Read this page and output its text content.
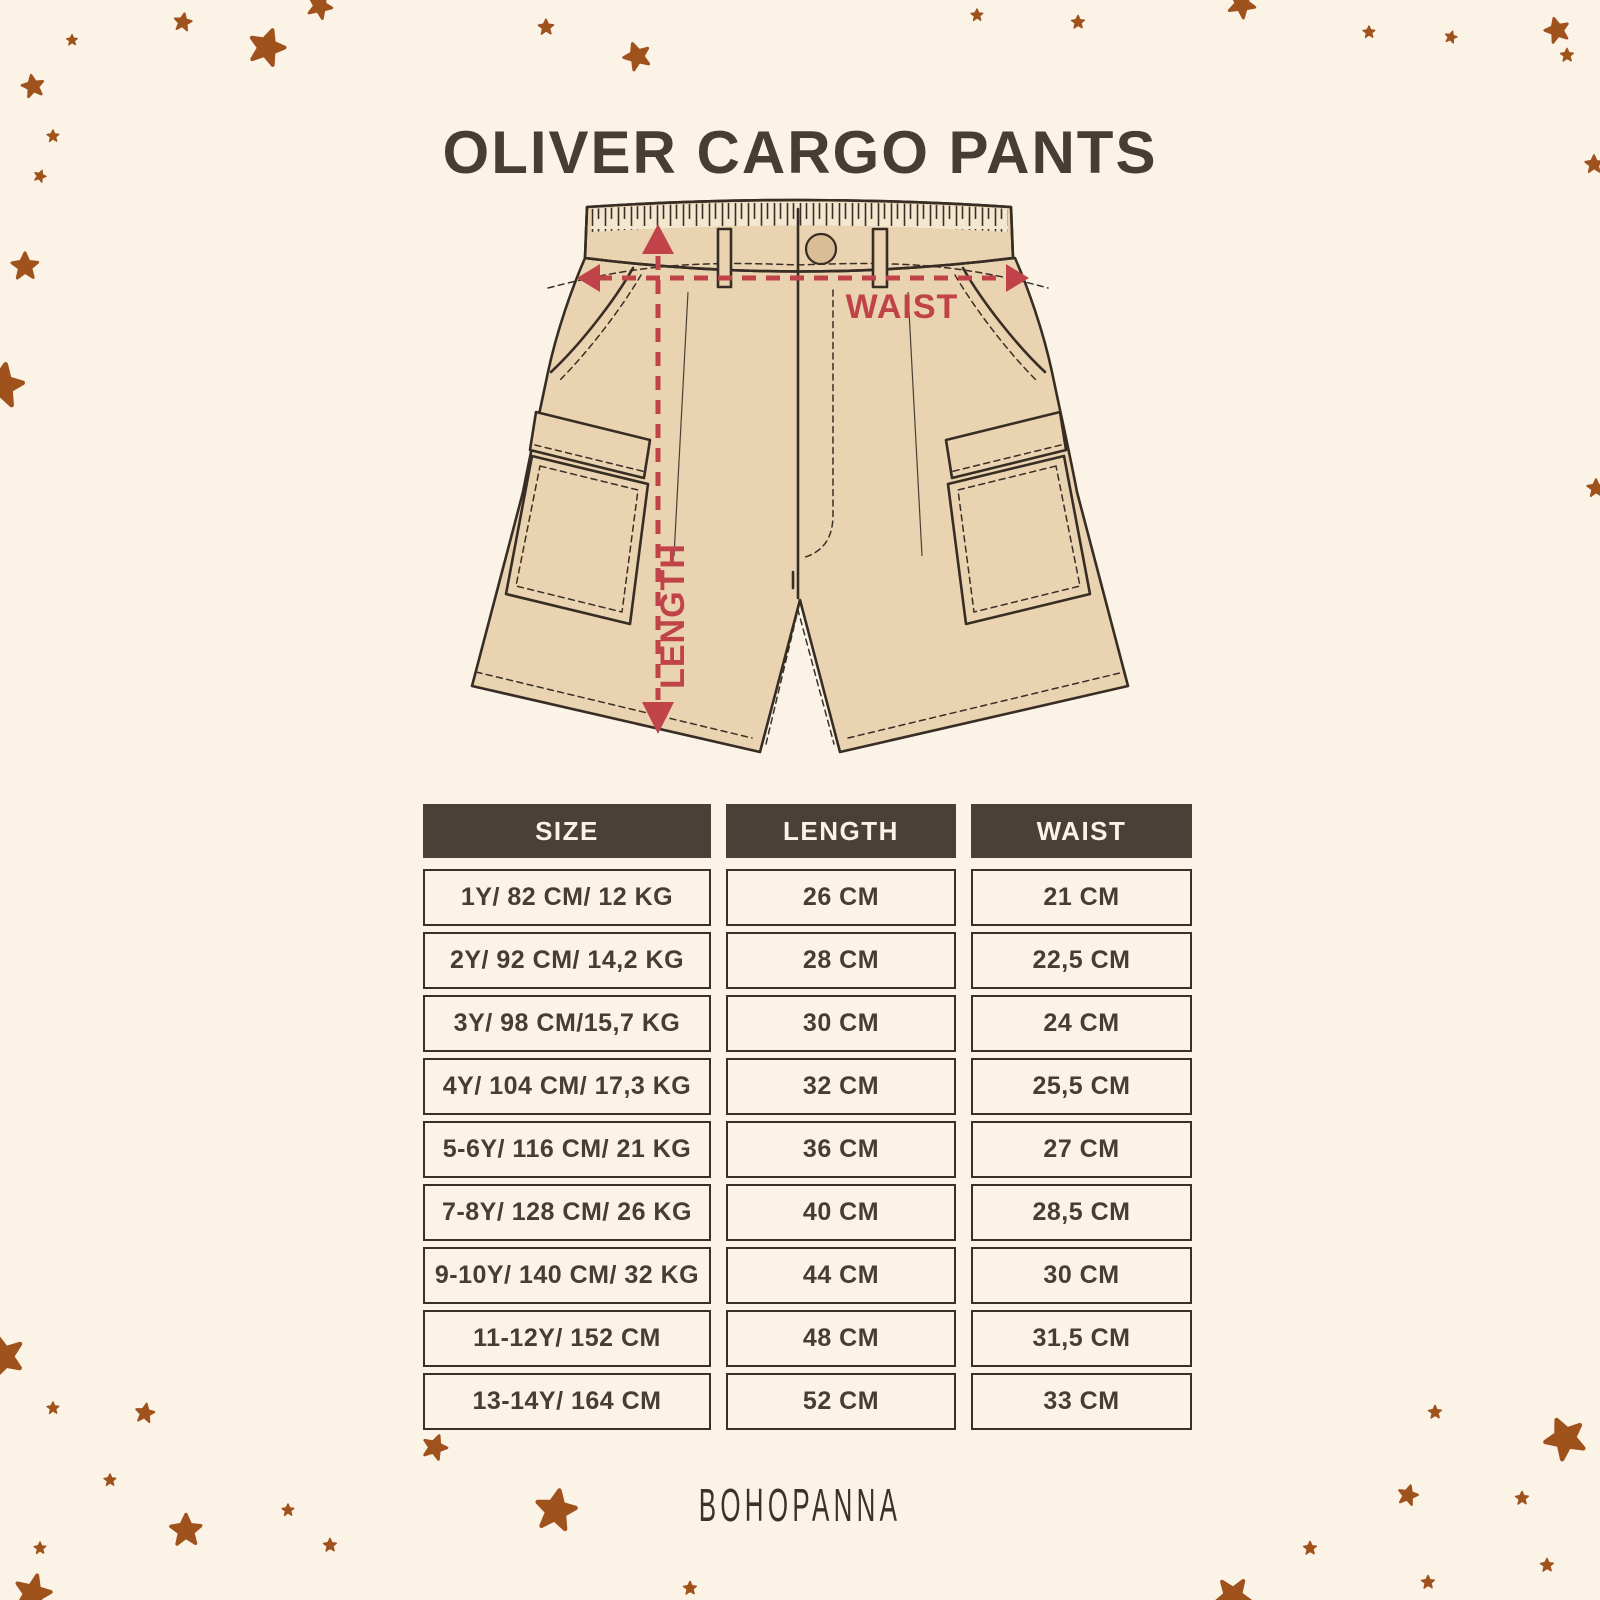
OLIVER CARGO PANTS
WAIST
LENGTH
SIZE	LENGTH	WAIST
1Y/ 82 CM/ 12 KG	26 CM	21 CM
2Y/ 92 CM/ 14,2 KG	28 CM	22,5 CM
3Y/ 98 CM/15,7 KG	30 CM	24 CM
4Y/ 104 CM/ 17,3 KG	32 CM	25,5 CM
5-6Y/ 116 CM/ 21 KG	36 CM	27 CM
7-8Y/ 128 CM/ 26 KG	40 CM	28,5 CM
9-10Y/ 140 CM/ 32 KG	44 CM	30 CM
11-12Y/ 152 CM	48 CM	31,5 CM
13-14Y/ 164 CM	52 CM	33 CM
BOHOPANNA
